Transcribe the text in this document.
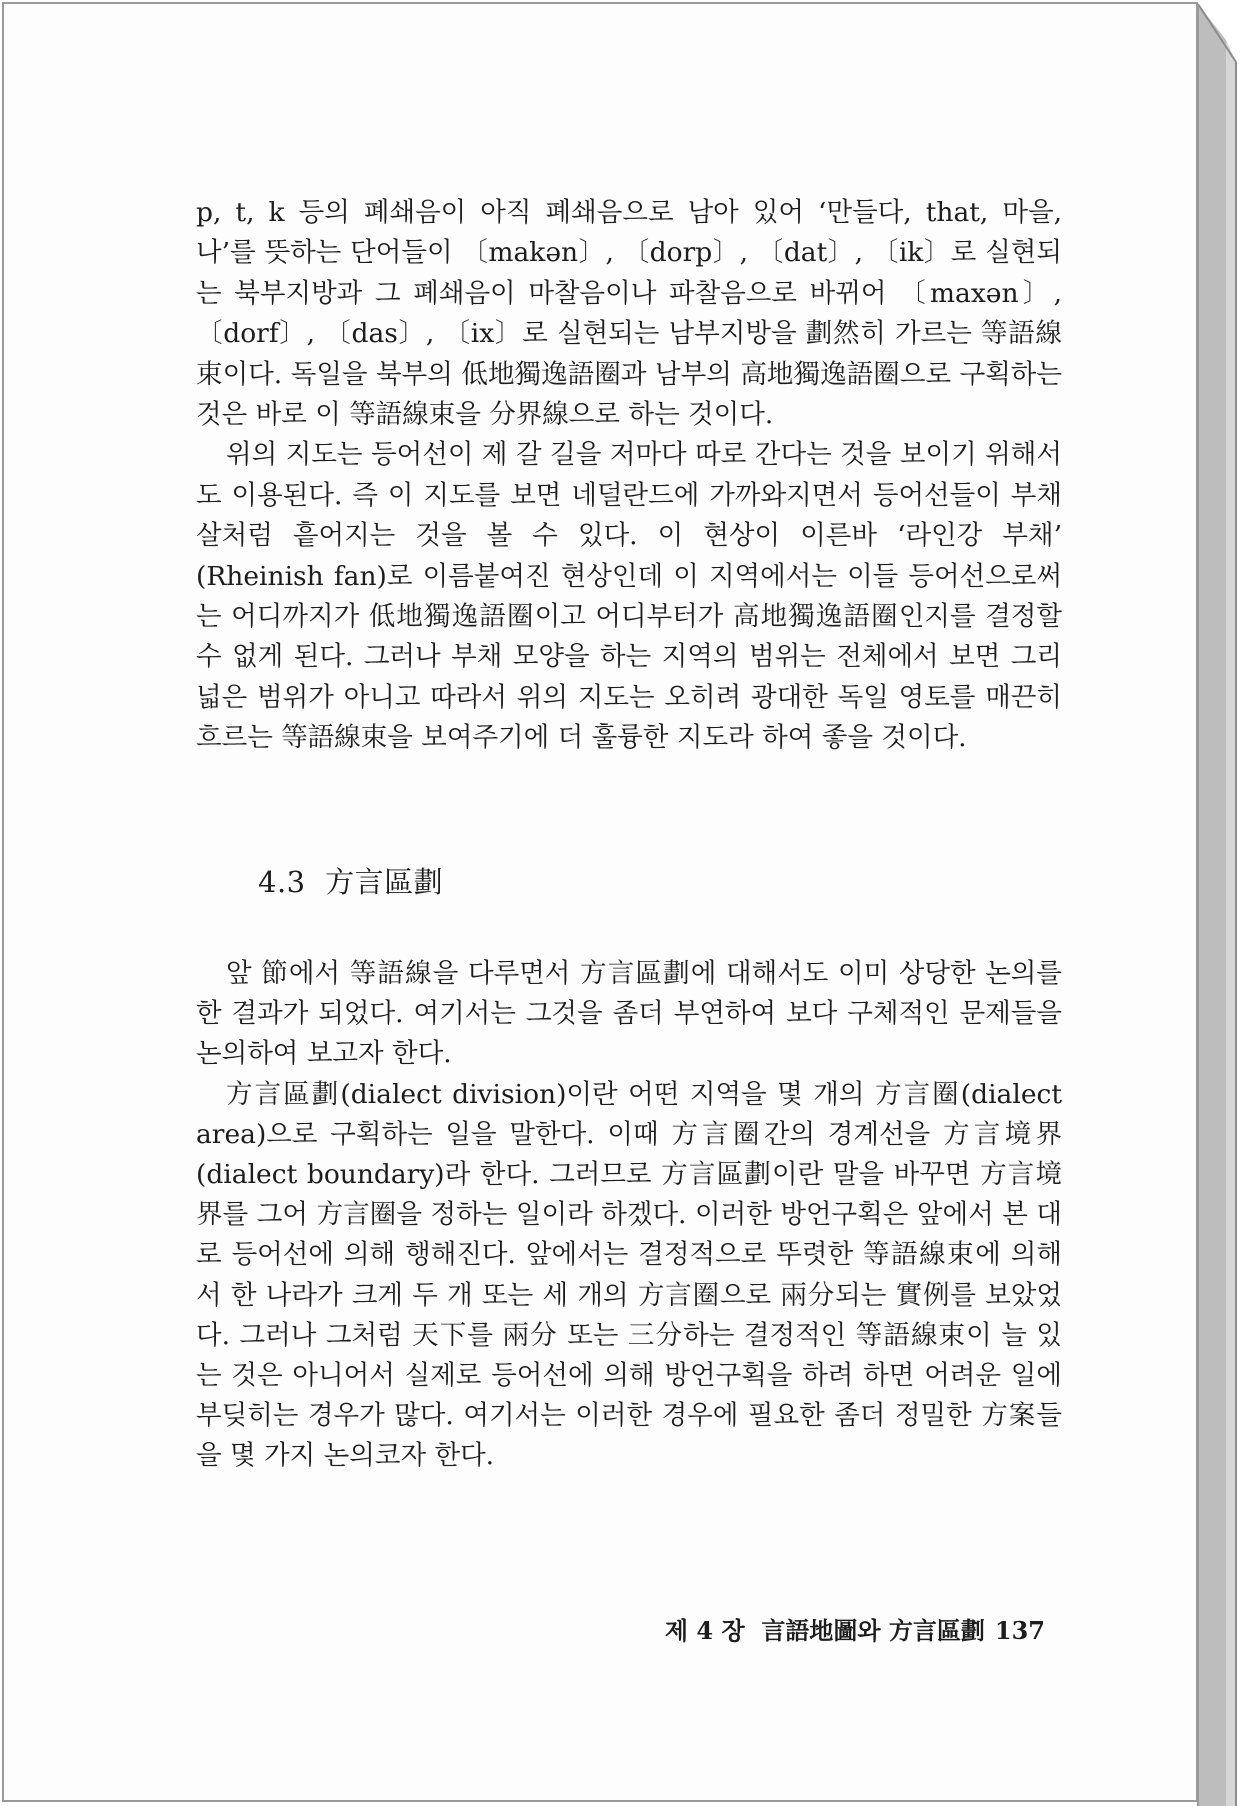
p, t, k 등의 폐쇄음이 아직 폐쇄음으로 남아 있어 ‘만들다, that, 마을, 나’를 뜻하는 단어들이 〔makən〕, 〔dorp〕, 〔dat〕, 〔ik〕로 실현되는 북부지방과 그 폐쇄음이 마찰음이나 파찰음으로 바뀌어 〔maxən〕, 〔dorf〕, 〔das〕, 〔ix〕로 실현되는 남부지방을 劃然히 가르는 等語線束이다. 독일을 북부의 低地獨逸語圈과 남부의 高地獨逸語圈으로 구획하는 것은 바로 이 等語線束을 分界線으로 하는 것이다.

위의 지도는 등어선이 제 갈 길을 저마다 따로 간다는 것을 보이기 위해서도 이용된다. 즉 이 지도를 보면 네덜란드에 가까와지면서 등어선들이 부채살처럼 흩어지는 것을 볼 수 있다. 이 현상이 이른바 ‘라인강 부채’ (Rheinish fan)로 이름붙여진 현상인데 이 지역에서는 이들 등어선으로써는 어디까지가 低地獨逸語圈이고 어디부터가 高地獨逸語圈인지를 결정할 수 없게 된다. 그러나 부채 모양을 하는 지역의 범위는 전체에서 보면 그리 넓은 범위가 아니고 따라서 위의 지도는 오히려 광대한 독일 영토를 매끈히 흐르는 等語線束을 보여주기에 더 훌륭한 지도라 하여 좋을 것이다.

4.3 方言區劃

앞 節에서 等語線을 다루면서 方言區劃에 대해서도 이미 상당한 논의를 한 결과가 되었다. 여기서는 그것을 좀더 부연하여 보다 구체적인 문제들을 논의하여 보고자 한다.

方言區劃(dialect division)이란 어떤 지역을 몇 개의 方言圈(dialect area)으로 구획하는 일을 말한다. 이때 方言圈간의 경계선을 方言境界(dialect boundary)라 한다. 그러므로 方言區劃이란 말을 바꾸면 方言境界를 그어 方言圈을 정하는 일이라 하겠다. 이러한 방언구획은 앞에서 본 대로 등어선에 의해 행해진다. 앞에서는 결정적으로 뚜렷한 等語線束에 의해서 한 나라가 크게 두 개 또는 세 개의 方言圈으로 兩分되는 實例를 보았었다. 그러나 그처럼 天下를 兩分 또는 三分하는 결정적인 等語線束이 늘 있는 것은 아니어서 실제로 등어선에 의해 방언구획을 하려 하면 어려운 일에 부딪히는 경우가 많다. 여기서는 이러한 경우에 필요한 좀더 정밀한 方案들을 몇 가지 논의코자 한다.

제 4 장 言語地圖와 方言區劃 137
